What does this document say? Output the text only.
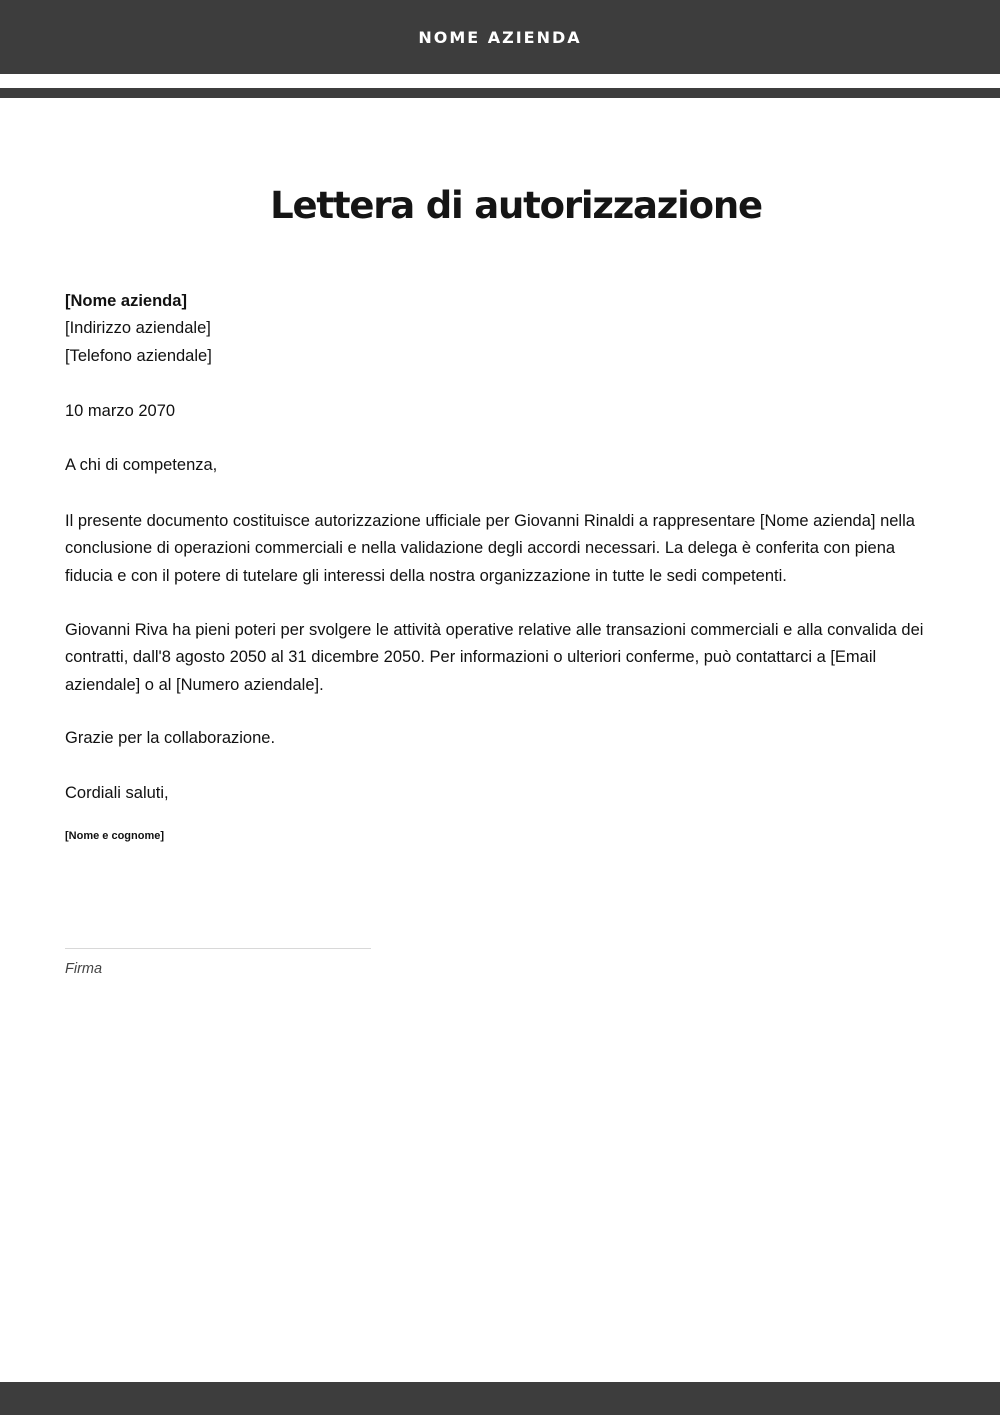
NOME AZIENDA
Lettera di autorizzazione

[Nome azienda]

[Indirizzo aziendale]

[Telefono aziendale]

10 marzo 2070

A chi di competenza,

Il presente documento costituisce autorizzazione ufficiale per Giovanni Rinaldi a rappresentare [Nome azienda] nella conclusione di operazioni commerciali e nella validazione degli accordi necessari. La delega è conferita con piena fiducia e con il potere di tutelare gli interessi della nostra organizzazione in tutte le sedi competenti.

Giovanni Riva ha pieni poteri per svolgere le attività operative relative alle transazioni commerciali e alla convalida dei contratti, dall'8 agosto 2050 al 31 dicembre 2050. Per informazioni o ulteriori conferme, può contattarci a [Email aziendale] o al [Numero aziendale].

Grazie per la collaborazione.

Cordiali saluti,

[Nome e cognome]

Firma
